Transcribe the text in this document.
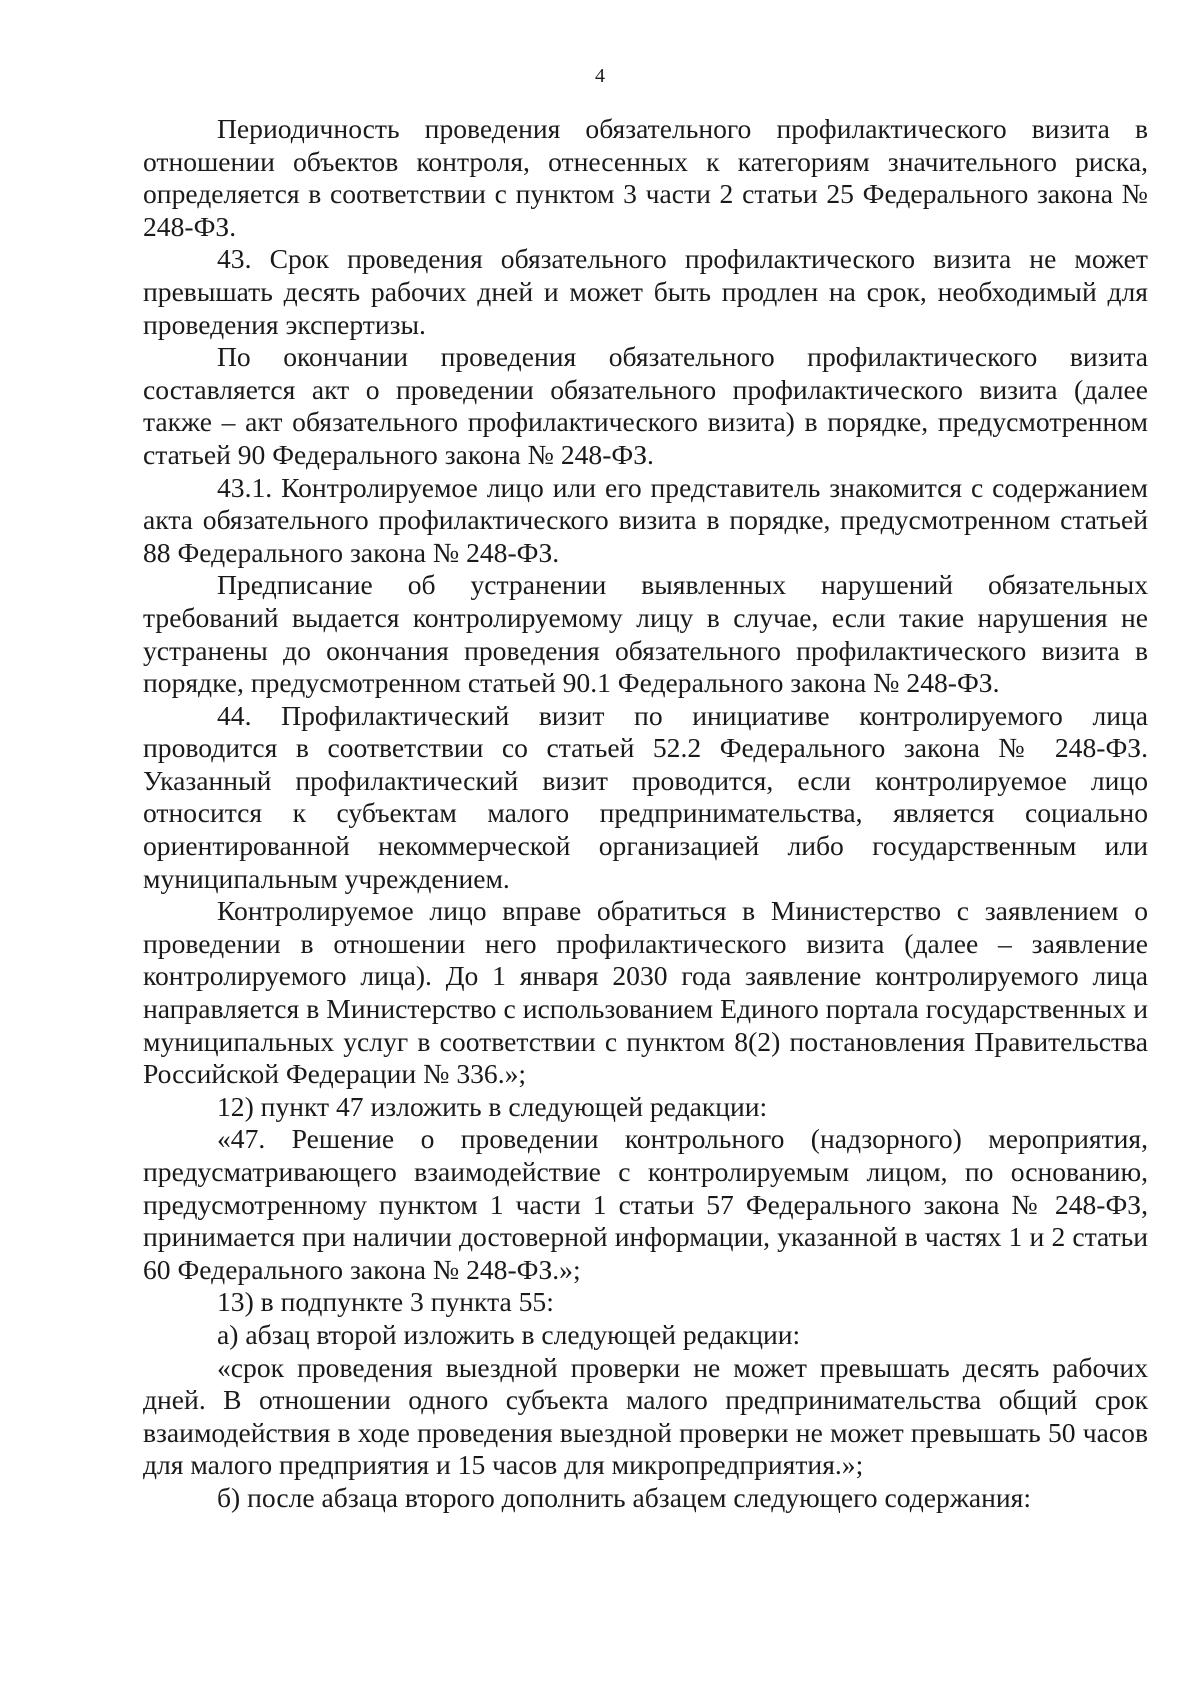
4

Периодичность проведения обязательного профилактического визита в отношении объектов контроля, отнесенных к категориям значительного риска, определяется в соответствии с пунктом 3 части 2 статьи 25 Федерального закона № 248-ФЗ.

43. Срок проведения обязательного профилактического визита не может превышать десять рабочих дней и может быть продлен на срок, необходимый для проведения экспертизы.

По окончании проведения обязательного профилактического визита составляется акт о проведении обязательного профилактического визита (далее также – акт обязательного профилактического визита) в порядке, предусмотренном статьей 90 Федерального закона № 248-ФЗ.

43.1. Контролируемое лицо или его представитель знакомится с содержанием акта обязательного профилактического визита в порядке, предусмотренном статьей 88 Федерального закона № 248-ФЗ.

Предписание об устранении выявленных нарушений обязательных требований выдается контролируемому лицу в случае, если такие нарушения не устранены до окончания проведения обязательного профилактического визита в порядке, предусмотренном статьей 90.1 Федерального закона № 248-ФЗ.

44. Профилактический визит по инициативе контролируемого лица проводится в соответствии со статьей 52.2 Федерального закона № 248-ФЗ. Указанный профилактический визит проводится, если контролируемое лицо относится к субъектам малого предпринимательства, является социально ориентированной некоммерческой организацией либо государственным или муниципальным учреждением.

Контролируемое лицо вправе обратиться в Министерство с заявлением о проведении в отношении него профилактического визита (далее – заявление контролируемого лица). До 1 января 2030 года заявление контролируемого лица направляется в Министерство с использованием Единого портала государственных и муниципальных услуг в соответствии с пунктом 8(2) постановления Правительства Российской Федерации № 336.»;

12) пункт 47 изложить в следующей редакции:

«47. Решение о проведении контрольного (надзорного) мероприятия, предусматривающего взаимодействие с контролируемым лицом, по основанию, предусмотренному пунктом 1 части 1 статьи 57 Федерального закона № 248-ФЗ, принимается при наличии достоверной информации, указанной в частях 1 и 2 статьи 60 Федерального закона № 248-ФЗ.»;

13) в подпункте 3 пункта 55:

а) абзац второй изложить в следующей редакции:

«срок проведения выездной проверки не может превышать десять рабочих дней. В отношении одного субъекта малого предпринимательства общий срок взаимодействия в ходе проведения выездной проверки не может превышать 50 часов для малого предприятия и 15 часов для микропредприятия.»;

б) после абзаца второго дополнить абзацем следующего содержания:
